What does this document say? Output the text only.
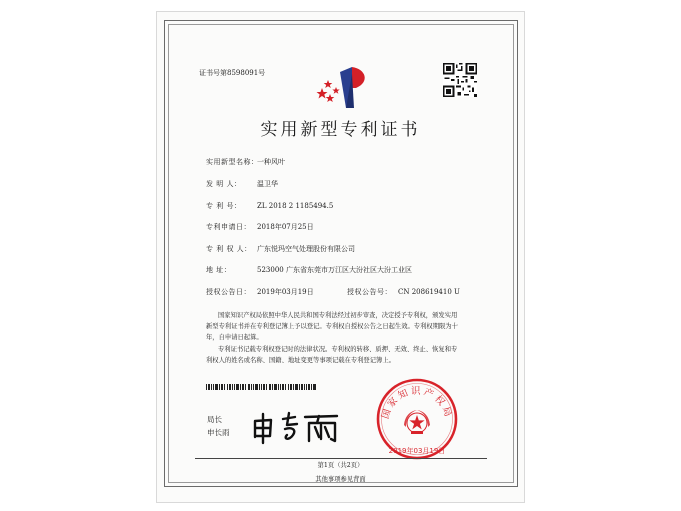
证书号第8598091号
实用新型专利证书
实用新型名称：
一种风叶
发 明 人： 温卫华
专 利 号： ZL 2018 2 1185494.5
专利申请日： 2018年07月25日
专 利 权 人： 广东悦玛空气处理股份有限公司
地 址：	523000 广东省东莞市万江区大汾社区大汾工业区
授权公告日： 2019年03月19日	授权公告号： CN 208619410 U
国家知识产权局依照中华人民共和国专利法经过初步审查，决定授予专利权，颁发实用
新型专利证书并在专利登记簿上予以登记。专利权自授权公告之日起生效。专利权期限为十
年，自申请日起算。
专利证书记载专利权登记时的法律状况。专利权的转移、质押、无效、终止、恢复和专
利权人的姓名或名称、国籍、地址变更等事项记载在专利登记簿上。
局长
申长雨
国家知识产权局
2019年03月19日
第1页（共2页）
其他事项参见背面
